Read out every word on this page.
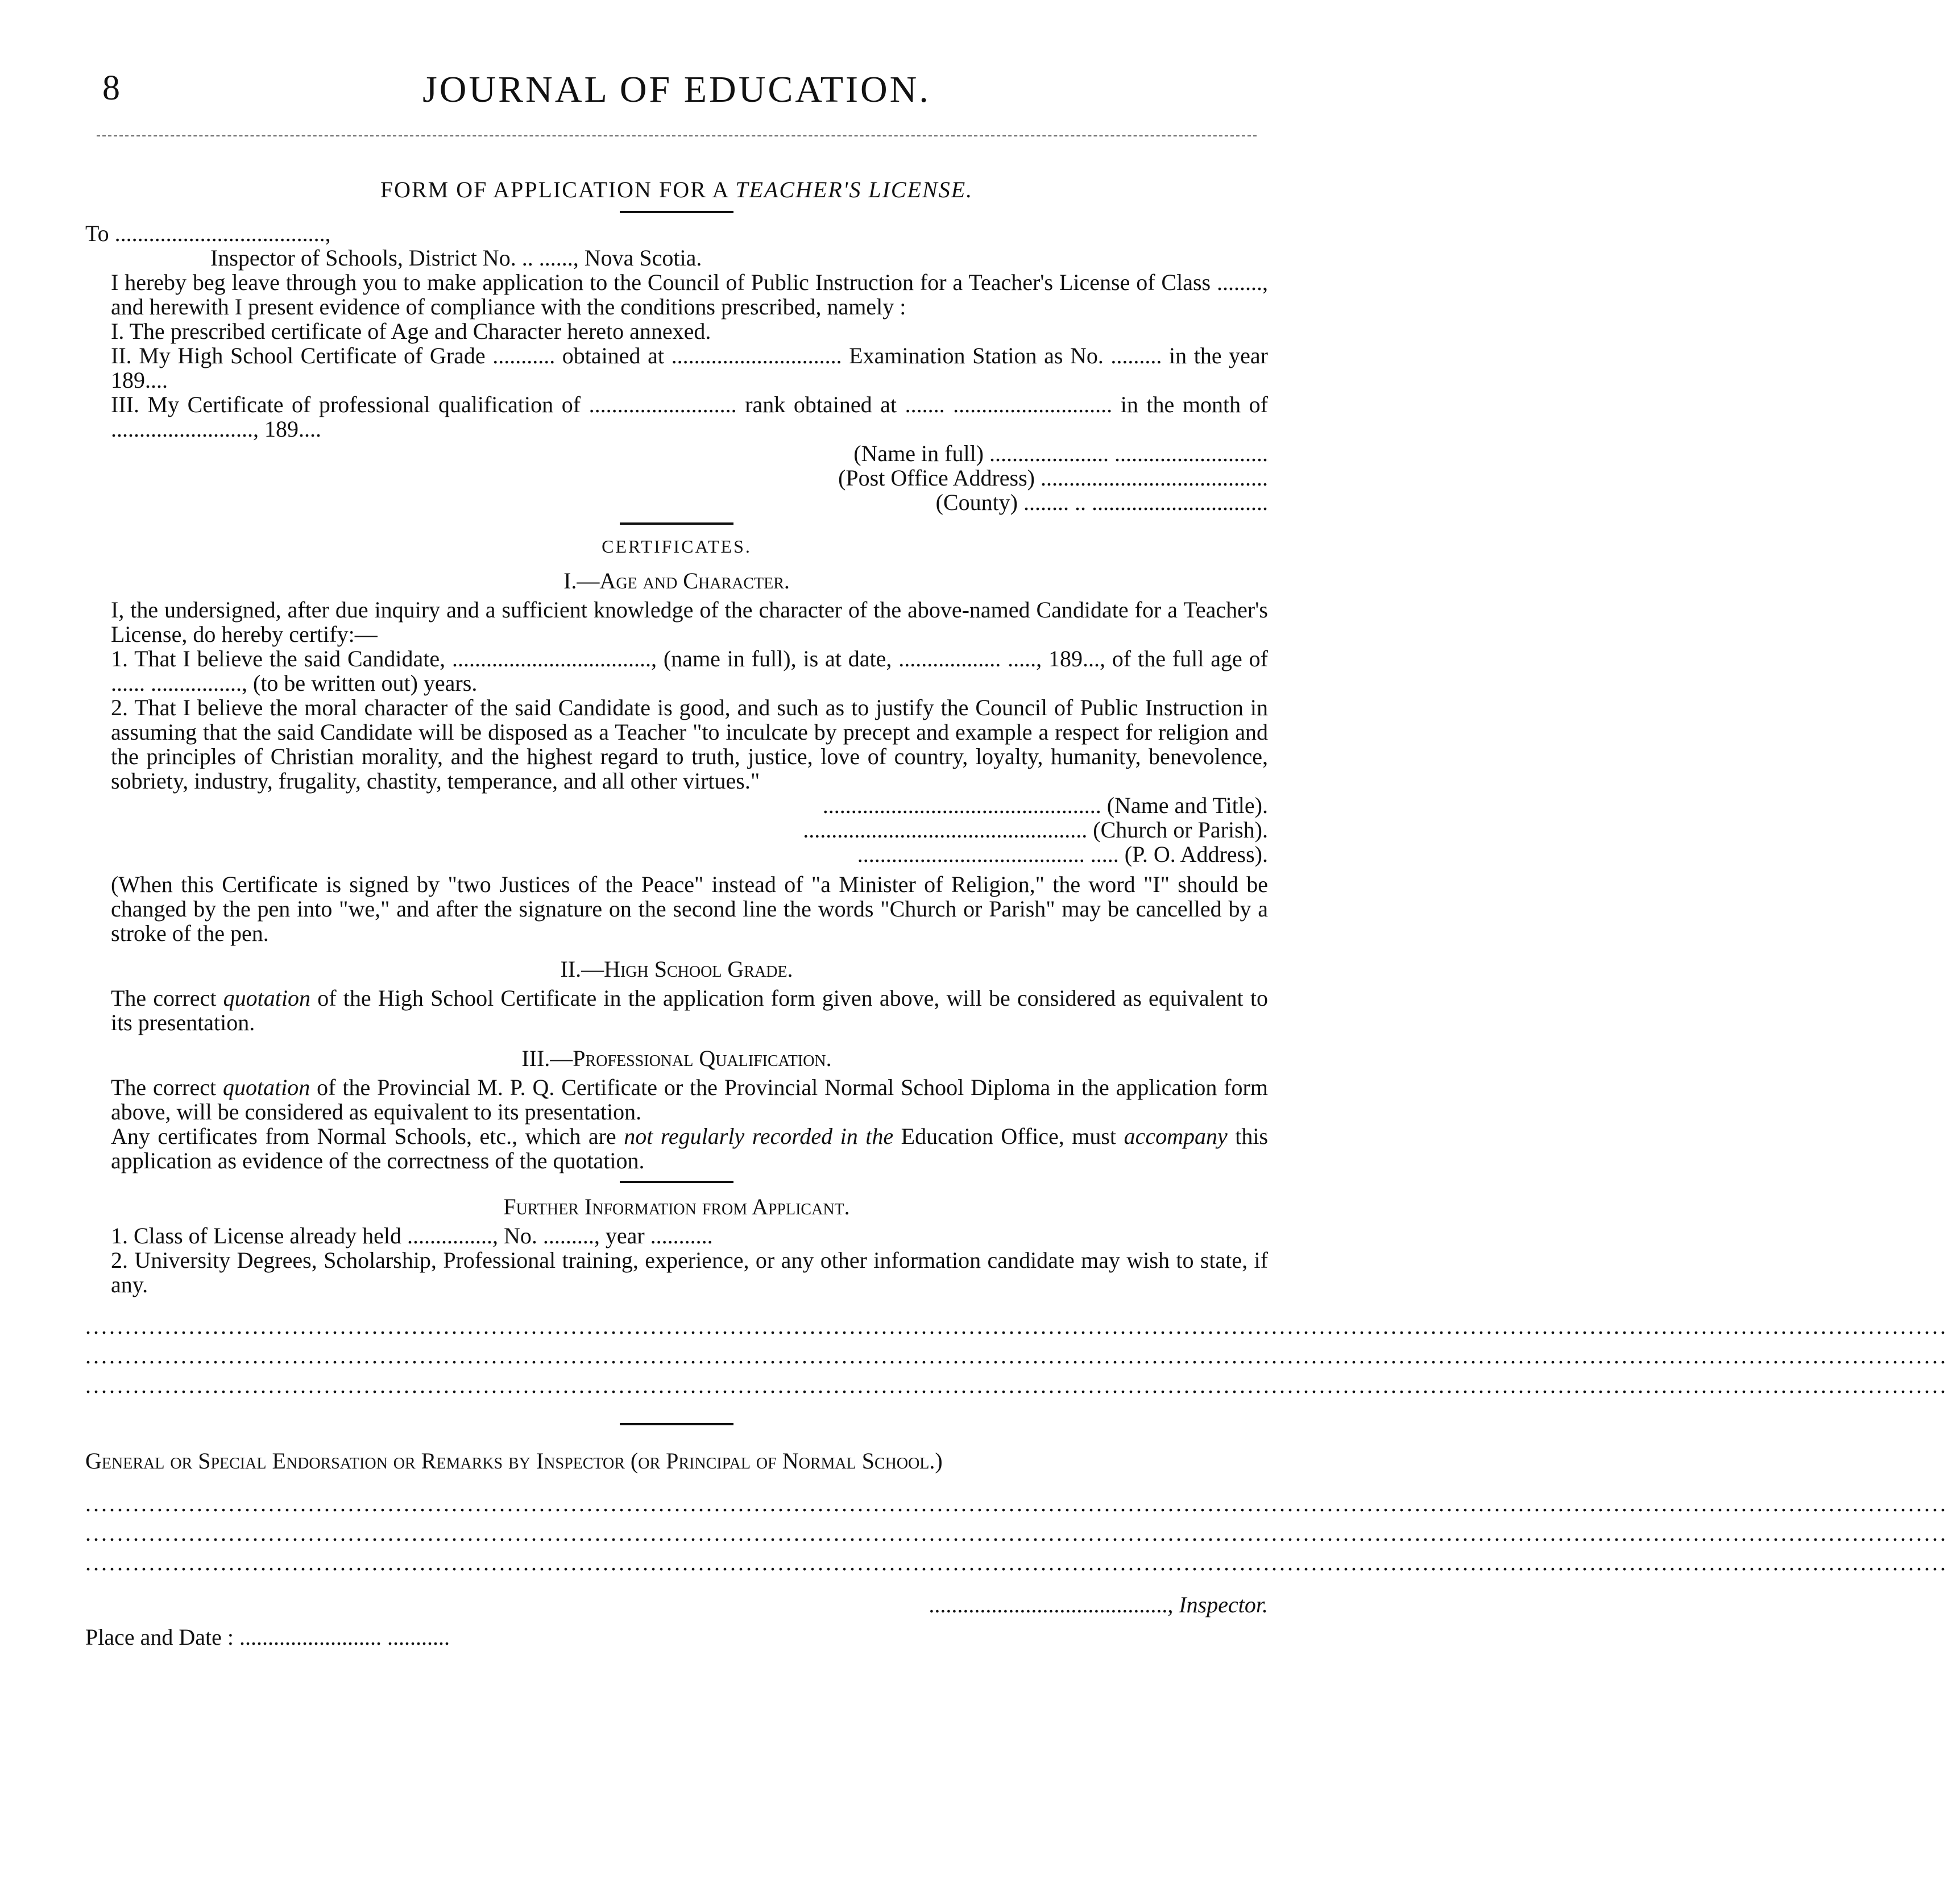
8	JOURNAL OF EDUCATION.
FORM OF APPLICATION FOR A TEACHER'S LICENSE.

To .....................................,

Inspector of Schools, District No. .. ......, Nova Scotia.

I hereby beg leave through you to make application to the Council of Public Instruction for a Teacher's License of Class ........, and herewith I present evidence of compliance with the conditions prescribed, namely :

I. The prescribed certificate of Age and Character hereto annexed.

II. My High School Certificate of Grade ........... obtained at .............................. Examination Station as No. ......... in the year 189....

III. My Certificate of professional qualification of .......................... rank obtained at ....... ............................ in the month of ........................., 189....

(Name in full) ..................... ...........................

(Post Office Address) ........................................

(County) ........ .. ...............................

CERTIFICATES.
I.—Age and Character.

I, the undersigned, after due inquiry and a sufficient knowledge of the character of the above-named Candidate for a Teacher's License, do hereby certify:—

1. That I believe the said Candidate, ..................................., (name in full), is at date, .................. ....., 189..., of the full age of ...... ................, (to be written out) years.

2. That I believe the moral character of the said Candidate is good, and such as to justify the Council of Public Instruction in assuming that the said Candidate will be disposed as a Teacher "to inculcate by precept and example a respect for religion and the principles of Christian morality, and the highest regard to truth, justice, love of country, loyalty, humanity, benevolence, sobriety, industry, frugality, chastity, temperance, and all other virtues."

................................................. (Name and Title).

.................................................. (Church or Parish).

........................................ ..... (P. O. Address).

(When this Certificate is signed by "two Justices of the Peace" instead of "a Minister of Religion," the word "I" should be changed by the pen into "we," and after the signature on the second line the words "Church or Parish" may be cancelled by a stroke of the pen.

II.—High School Grade.

The correct quotation of the High School Certificate in the application form given above, will be considered as equivalent to its presentation.

III.—Professional Qualification.

The correct quotation of the Provincial M. P. Q. Certificate or the Provincial Normal School Diploma in the application form above, will be considered as equivalent to its presentation.

Any certificates from Normal Schools, etc., which are not regularly recorded in the Education Office, must accompany this application as evidence of the correctness of the quotation.

Further Information from Applicant.

1. Class of License already held ..............., No. ........., year ...........

2. University Degrees, Scholarship, Professional training, experience, or any other information candidate may wish to state, if any.

..........................................................................................................................................................................................................................................
..........................................................................................................................................................................................................................................
..........................................................................................................................................................................................................................................
General or Special Endorsation or Remarks by Inspector (or Principal of Normal School.)
..........................................................................................................................................................................................................................................
..........................................................................................................................................................................................................................................
..........................................................................................................................................................................................................................................

.........................................., Inspector.

Place and Date : ......................... ...........
